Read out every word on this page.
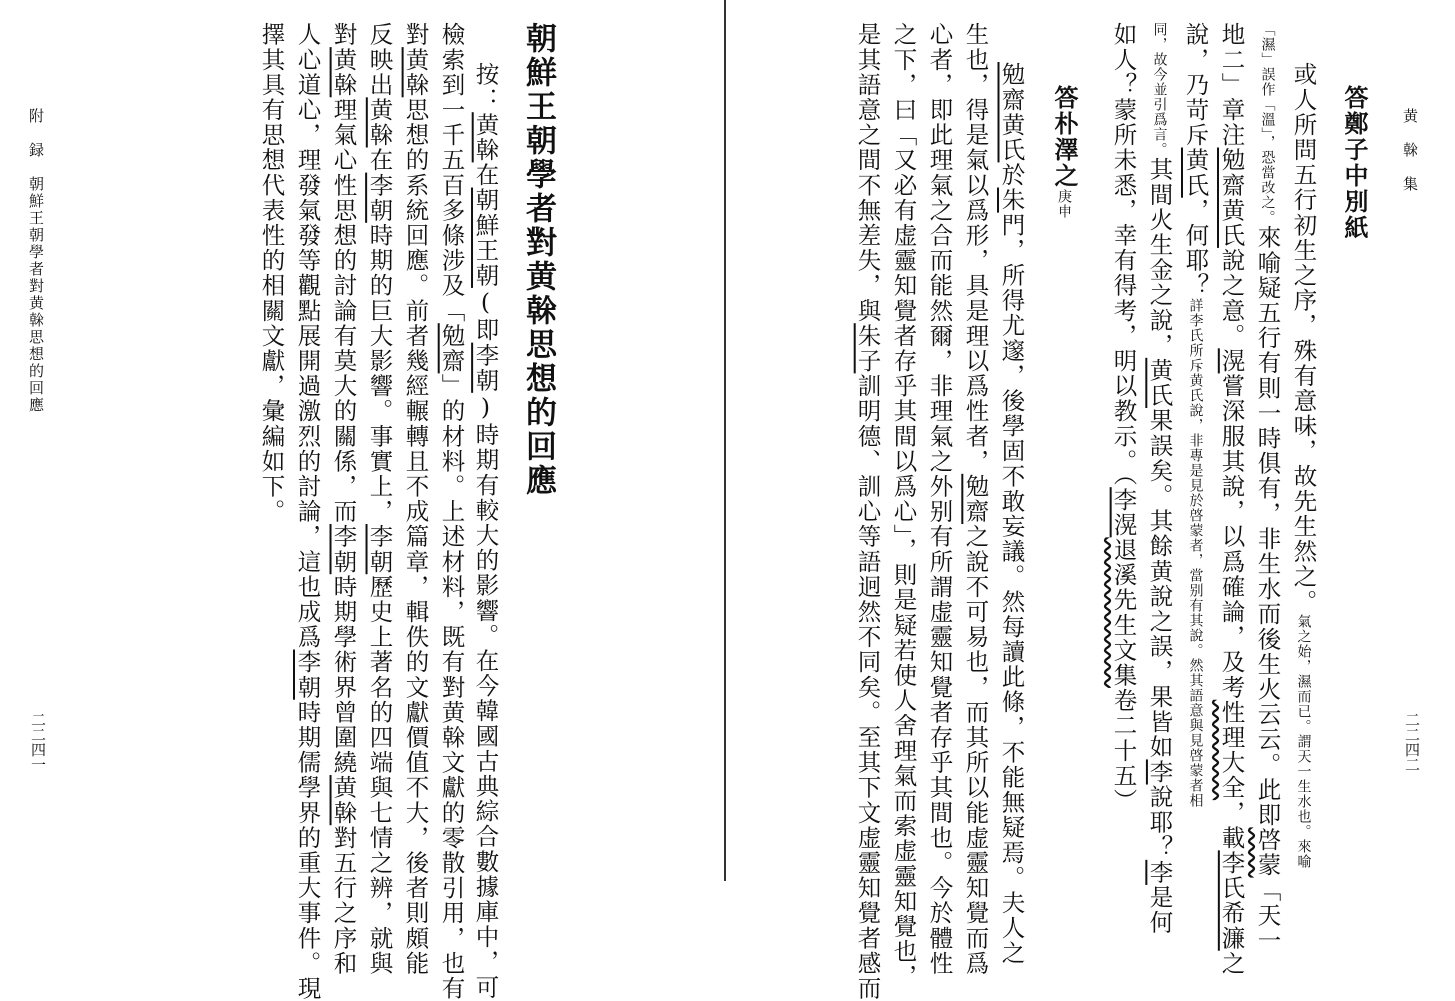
附　録　朝鮮王朝學者對黄榦思想的回應
二二四一
朝鮮王朝學者對黄榦思想的回應
按：黄榦在朝鮮王朝(即李朝)時期有較大的影響。在今韓國古典綜合數據庫中，可
檢索到一千五百多條涉及「勉齋」的材料。上述材料，既有對黄榦文獻的零散引用，也有
對黄榦思想的系統回應。前者幾經輾轉且不成篇章，輯佚的文獻價值不大，後者則頗能
反映出黄榦在李朝時期的巨大影響。事實上，李朝歷史上著名的四端與七情之辨，就與
對黄榦理氣心性思想的討論有莫大的關係，而李朝時期學術界曾圍繞黄榦對五行之序和
人心道心，理發氣發等觀點展開過激烈的討論，這也成爲李朝時期儒學界的重大事件。現
擇其具有思想代表性的相關文獻，彙編如下。	黄　榦　集
二二四二
答鄭子中別紙
或人所問五行初生之序，殊有意味，故先生然之。氣之始，濕而已。謂天一生水也。來喻
「濕」誤作「溫」，恐當改之。來喻疑五行有則一時俱有，非生水而後生火云云。此即啓蒙「天一
地二」章注勉齋黄氏說之意。滉嘗深服其說，以爲確論，及考性理大全，載李氏希濂之
說，乃苛斥黄氏，何耶？詳李氏所斥黄氏說，非專是見於啓蒙者，當别有其說。然其語意與見啓蒙者相
同，故今並引爲言。其間火生金之說，黄氏果誤矣。其餘黄說之誤，果皆如李說耶？李是何
如人？蒙所未悉，幸有得考，明以教示。（李滉退溪先生文集卷二十五）
答朴澤之庚申
勉齋黄氏於朱門，所得尤邃，後學固不敢妄議。然每讀此條，不能無疑焉。夫人之
生也，得是氣以爲形，具是理以爲性者，勉齋之說不可易也，而其所以能虚靈知覺而爲
心者，即此理氣之合而能然爾，非理氣之外别有所謂虚靈知覺者存乎其間也。今於體性
之下，曰「又必有虚靈知覺者存乎其間以爲心」，則是疑若使人舍理氣而索虚靈知覺也，
是其語意之間不無差失，與朱子訓明德、訓心等語迥然不同矣。至其下文虚靈知覺者感而
